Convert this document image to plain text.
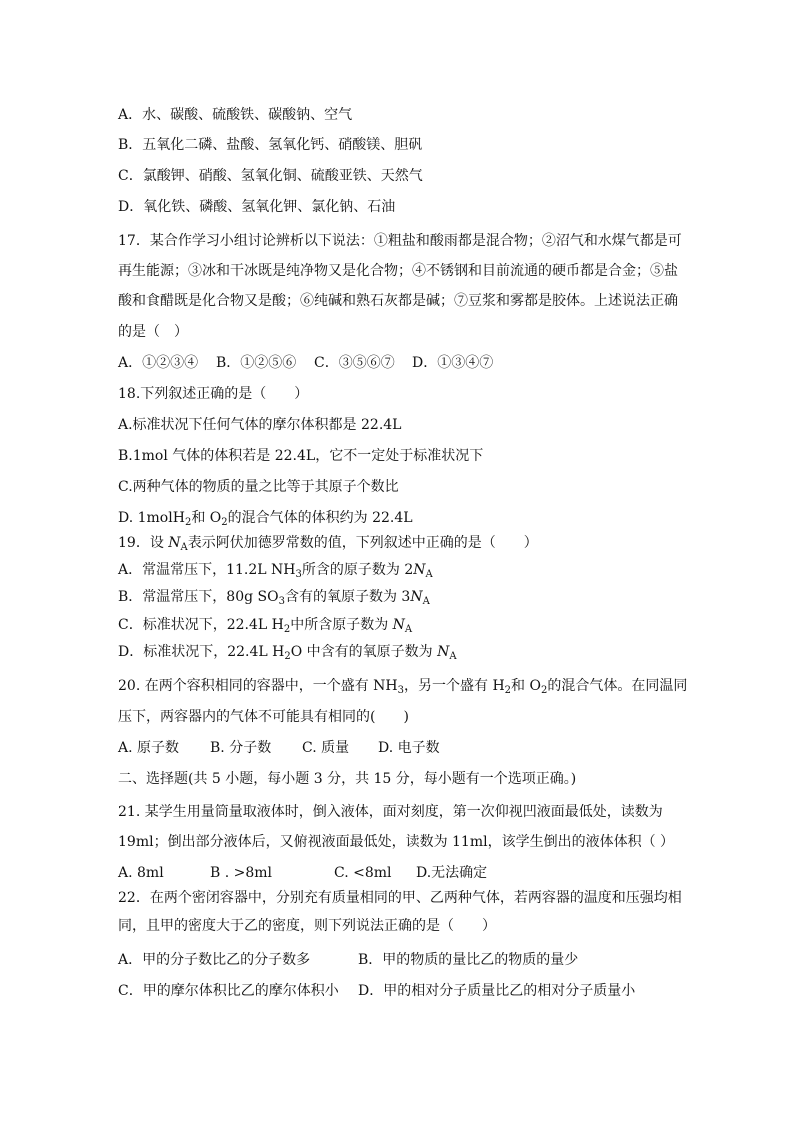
A．水、碳酸、硫酸铁、碳酸钠、空气
B．五氧化二磷、盐酸、氢氧化钙、硝酸镁、胆矾
C．氯酸钾、硝酸、氢氧化铜、硫酸亚铁、天然气
D．氧化铁、磷酸、氢氧化钾、氯化钠、石油
17．某合作学习小组讨论辨析以下说法：①粗盐和酸雨都是混合物；②沼气和水煤气都是可
再生能源；③冰和干冰既是纯净物又是化合物；④不锈钢和目前流通的硬币都是合金；⑤盐
酸和食醋既是化合物又是酸；⑥纯碱和熟石灰都是碱；⑦豆浆和雾都是胶体。上述说法正确
的是（　）
A．①②③④ B．①②⑤⑥ C．③⑤⑥⑦ D．①③④⑦
18.下列叙述正确的是（　　）
A.标准状况下任何气体的摩尔体积都是 22.4L
B.1mol 气体的体积若是 22.4L，它不一定处于标准状况下
C.两种气体的物质的量之比等于其原子个数比
D. 1molH$_2$和 $O_2$的混合气体的体积约为 22.4L
19．设 $N_A$表示阿伏加德罗常数的值，下列叙述中正确的是（　　）
A．常温常压下，11.2L $NH_3$所含的原子数为 $2N_A$
B．常温常压下，80g $SO_3$含有的氧原子数为 $3N_A$
C．标准状况下，22.4L $H_2$中所含原子数为 $N_A$
D．标准状况下，22.4L $H_2O$ 中含有的氧原子数为 $N_A$
20. 在两个容积相同的容器中，一个盛有 $NH_3$，另一个盛有 $H_2$和 $O_2$的混合气体。在同温同
压下，两容器内的气体不可能具有相同的(　　)
A. 原子数 B. 分子数 C. 质量 D. 电子数
二、选择题(共 5 小题，每小题 3 分，共 15 分，每小题有一个选项正确。)
21. 某学生用量筒量取液体时，倒入液体，面对刻度，第一次仰视凹液面最低处，读数为
19ml；倒出部分液体后，又俯视液面最低处，读数为 11ml，该学生倒出的液体体积（ ）
A. 8ml	B . >8ml	C. <8ml D.无法确定
22．在两个密闭容器中，分别充有质量相同的甲、乙两种气体，若两容器的温度和压强均相
同，且甲的密度大于乙的密度，则下列说法正确的是（　　）
A．甲的分子数比乙的分子数多	B．甲的物质的量比乙的物质的量少
C．甲的摩尔体积比乙的摩尔体积小 D．甲的相对分子质量比乙的相对分子质量小
